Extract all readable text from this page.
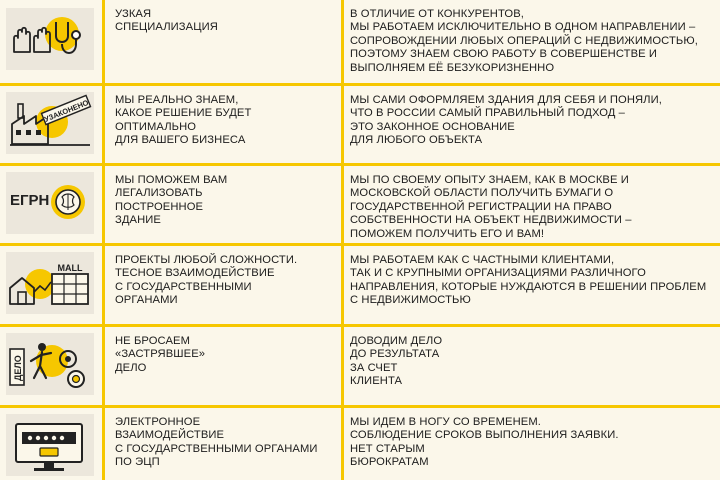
УЗКАЯ
СПЕЦИАЛИЗАЦИЯ
В ОТЛИЧИЕ ОТ КОНКУРЕНТОВ,
МЫ РАБОТАЕМ ИСКЛЮЧИТЕЛЬНО В ОДНОМ НАПРАВЛЕНИИ –
СОПРОВОЖДЕНИИ ЛЮБЫХ ОПЕРАЦИЙ С НЕДВИЖИМОСТЬЮ,
ПОЭТОМУ ЗНАЕМ СВОЮ РАБОТУ В СОВЕРШЕНСТВЕ И
ВЫПОЛНЯЕМ ЕЁ БЕЗУКОРИЗНЕННО
УЗАКОНЕНО МЫ РЕАЛЬНО ЗНАЕМ,
КАКОЕ РЕШЕНИЕ БУДЕТ
ОПТИМАЛЬНО
ДЛЯ ВАШЕГО БИЗНЕСА
МЫ САМИ ОФОРМЛЯЕМ ЗДАНИЯ ДЛЯ СЕБЯ И ПОНЯЛИ,
ЧТО В РОССИИ САМЫЙ ПРАВИЛЬНЫЙ ПОДХОД –
ЭТО ЗАКОННОЕ ОСНОВАНИЕ
ДЛЯ ЛЮБОГО ОБЪЕКТА
ЕГРН
МЫ ПОМОЖЕМ ВАМ
ЛЕГАЛИЗОВАТЬ
ПОСТРОЕННОЕ
ЗДАНИЕ
МЫ ПО СВОЕМУ ОПЫТУ ЗНАЕМ, КАК В МОСКВЕ И
МОСКОВСКОЙ ОБЛАСТИ ПОЛУЧИТЬ БУМАГИ О
ГОСУДАРСТВЕННОЙ РЕГИСТРАЦИИ НА ПРАВО
СОБСТВЕННОСТИ НА ОБЪЕКТ НЕДВИЖИМОСТИ –
ПОМОЖЕМ ПОЛУЧИТЬ ЕГО И ВАМ!
MALL
ПРОЕКТЫ ЛЮБОЙ СЛОЖНОСТИ.
ТЕСНОЕ ВЗАИМОДЕЙСТВИЕ
С ГОСУДАРСТВЕННЫМИ
ОРГАНАМИ
МЫ РАБОТАЕМ КАК С ЧАСТНЫМИ КЛИЕНТАМИ,
ТАК И С КРУПНЫМИ ОРГАНИЗАЦИЯМИ РАЗЛИЧНОГО
НАПРАВЛЕНИЯ, КОТОРЫЕ НУЖДАЮТСЯ В РЕШЕНИИ ПРОБЛЕМ
С НЕДВИЖИМОСТЬЮ
ДЕЛО
НЕ БРОСАЕМ
«ЗАСТРЯВШЕЕ»
ДЕЛО
ДОВОДИМ ДЕЛО
ДО РЕЗУЛЬТАТА
ЗА СЧЕТ
КЛИЕНТА
ЭЛЕКТРОННОЕ
ВЗАИМОДЕЙСТВИЕ
С ГОСУДАРСТВЕННЫМИ ОРГАНАМИ
ПО ЭЦП
МЫ ИДЕМ В НОГУ СО ВРЕМЕНЕМ.
СОБЛЮДЕНИЕ СРОКОВ ВЫПОЛНЕНИЯ ЗАЯВКИ.
НЕТ СТАРЫМ
БЮРОКРАТАМ
